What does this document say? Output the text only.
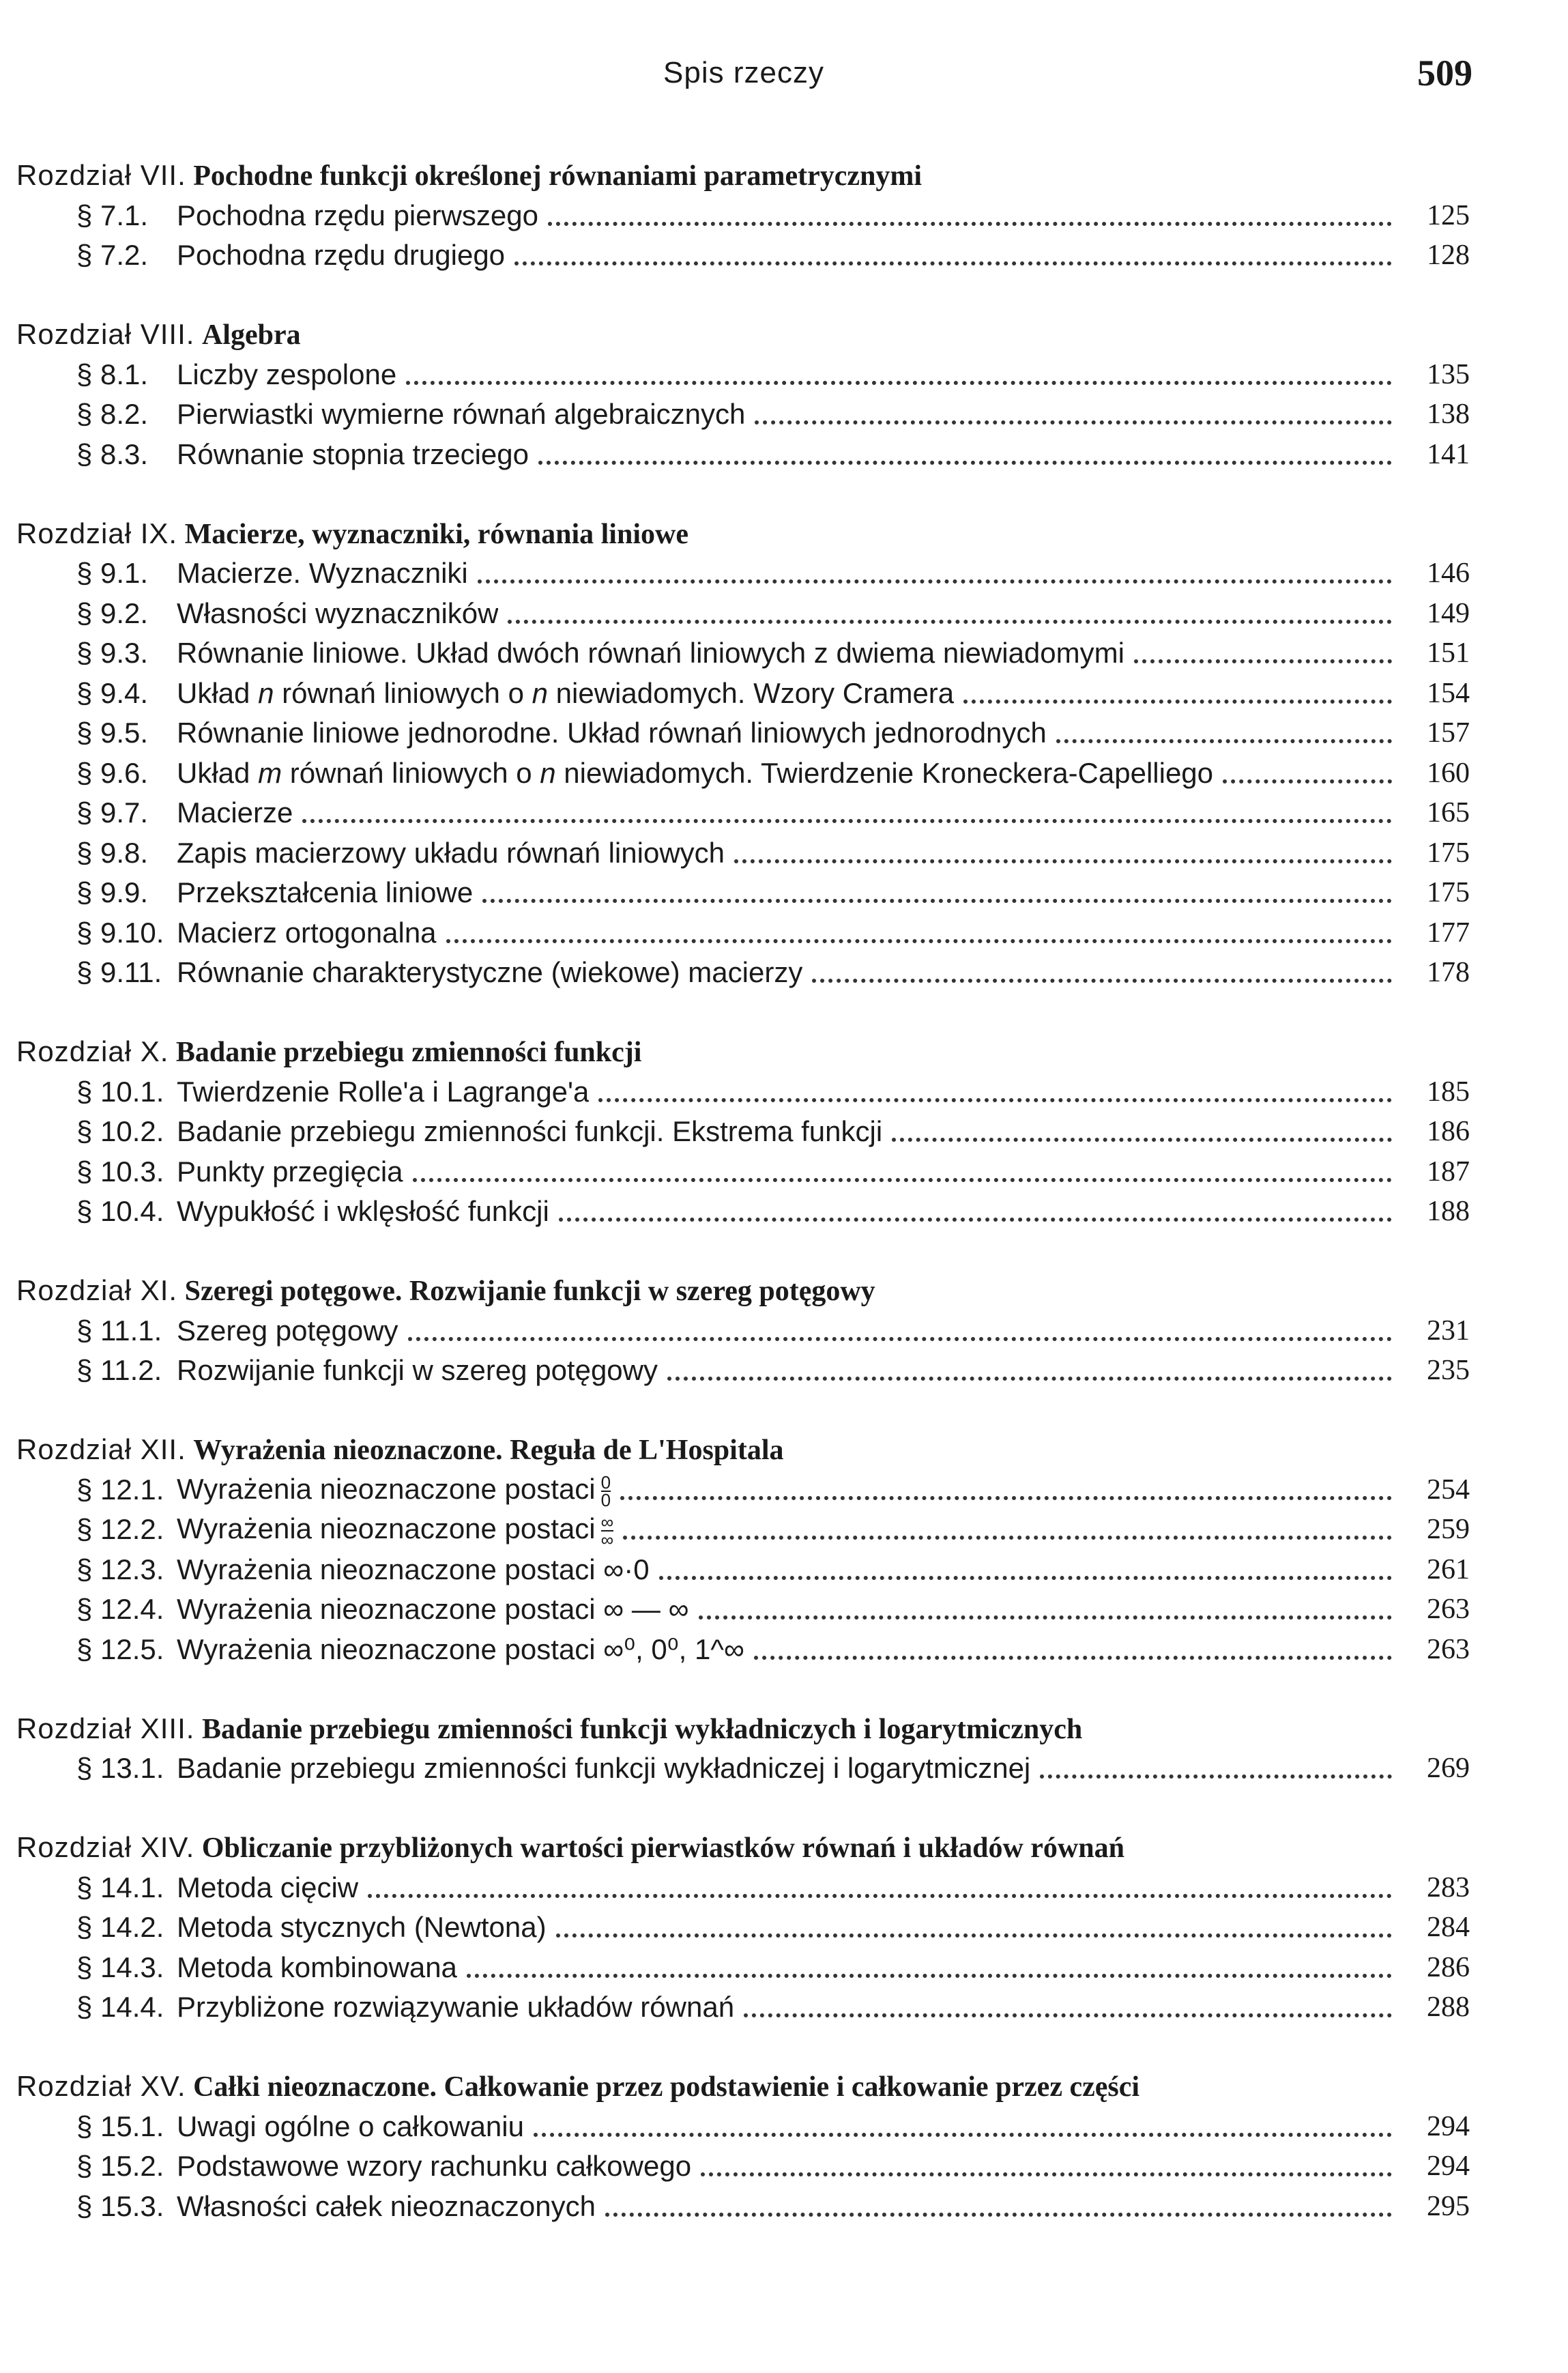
Spis rzeczy	509
Rozdział VII. Pochodne funkcji określonej równaniami parametrycznymi
§ 7.1. Pochodna rzędu pierwszego	125
§ 7.2. Pochodna rzędu drugiego	128
Rozdział VIII. Algebra
§ 8.1. Liczby zespolone	135
§ 8.2. Pierwiastki wymierne równań algebraicznych	138
§ 8.3. Równanie stopnia trzeciego	141
Rozdział IX. Macierze, wyznaczniki, równania liniowe
§ 9.1. Macierze. Wyznaczniki	146
§ 9.2. Własności wyznaczników	149
§ 9.3. Równanie liniowe. Układ dwóch równań liniowych z dwiema niewiadomymi	151
§ 9.4. Układ n równań liniowych o n niewiadomych. Wzory Cramera	154
§ 9.5. Równanie liniowe jednorodne. Układ równań liniowych jednorodnych	157
§ 9.6. Układ m równań liniowych o n niewiadomych. Twierdzenie Kroneckera-Capelliego	160
§ 9.7. Macierze	165
§ 9.8. Zapis macierzowy układu równań liniowych	175
§ 9.9. Przekształcenia liniowe	175
§ 9.10. Macierz ortogonalna	177
§ 9.11. Równanie charakterystyczne (wiekowe) macierzy	178
Rozdział X. Badanie przebiegu zmienności funkcji
§ 10.1. Twierdzenie Rolle'a i Lagrange'a	185
§ 10.2. Badanie przebiegu zmienności funkcji. Ekstrema funkcji	186
§ 10.3. Punkty przegięcia	187
§ 10.4. Wypukłość i wklęsłość funkcji	188
Rozdział XI. Szeregi potęgowe. Rozwijanie funkcji w szereg potęgowy
§ 11.1. Szereg potęgowy	231
§ 11.2. Rozwijanie funkcji w szereg potęgowy	235
Rozdział XII. Wyrażenia nieoznaczone. Reguła de L'Hospitala
§ 12.1. Wyrażenia nieoznaczone postaci $\frac{0}{0}$	254
§ 12.2. Wyrażenia nieoznaczone postaci $\frac{\infty}{\infty}$	259
§ 12.3. Wyrażenia nieoznaczone postaci ∞·0	261
§ 12.4. Wyrażenia nieoznaczone postaci ∞ — ∞	263
§ 12.5. Wyrażenia nieoznaczone postaci ∞⁰, 0⁰, 1^∞	263
Rozdział XIII. Badanie przebiegu zmienności funkcji wykładniczych i logarytmicznych
§ 13.1. Badanie przebiegu zmienności funkcji wykładniczej i logarytmicznej	269
Rozdział XIV. Obliczanie przybliżonych wartości pierwiastków równań i układów równań
§ 14.1. Metoda cięciw	283
§ 14.2. Metoda stycznych (Newtona)	284
§ 14.3. Metoda kombinowana	286
§ 14.4. Przybliżone rozwiązywanie układów równań	288
Rozdział XV. Całki nieoznaczone. Całkowanie przez podstawienie i całkowanie przez części
§ 15.1. Uwagi ogólne o całkowaniu	294
§ 15.2. Podstawowe wzory rachunku całkowego	294
§ 15.3. Własności całek nieoznaczonych	295
